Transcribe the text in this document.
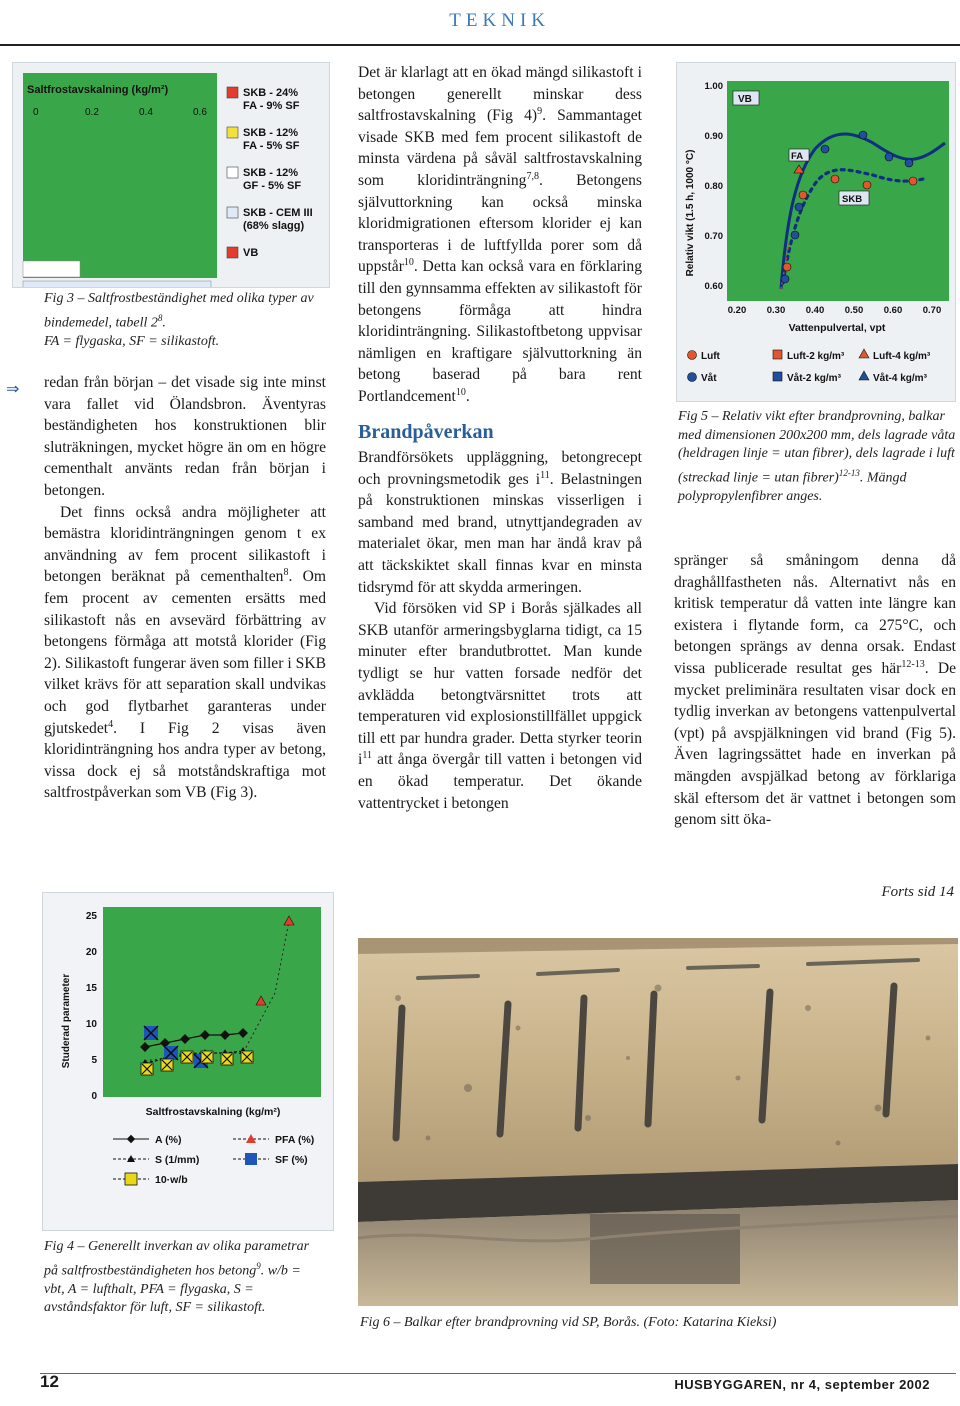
TEKNIK
Saltfrostavskalning (kg/m²)
0	0.2	0.4	0.6
SKB - 24%
FA - 9% SF
SKB - 12%
FA - 5% SF
SKB - 12%
GF - 5% SF
SKB - CEM III
(68% slagg)
VB
Fig 3 – Saltfrostbeständighet med olika typer av bindemedel, tabell $2^8$.
FA = flygaska, SF = silikastoft.
⇒ redan från början – det visade sig inte minst vara fallet vid Ölandsbron. Äventyras beständigheten hos konstruktionen blir sluträkningen, mycket högre än om en högre cementhalt använts redan från början i betongen.

Det finns också andra möjligheter att bemästra kloridinträngningen genom t ex användning av fem procent silikastoft i betongen beräknat på cementhalten$^8$. Om fem procent av cementen ersätts med silikastoft nås en avsevärd förbättring av betongens förmåga att motstå klorider (Fig 2). Silikastoft fungerar även som filler i SKB vilket krävs för att separation skall undvikas och god flytbarhet garanteras under gjutskedet$^4$. I Fig 2 visas även kloridinträngning hos andra typer av betong, vissa dock ej så motståndskraftiga mot saltfrostpåverkan som VB (Fig 3).

Studerad parameter
25
20
15
10
5
0
Saltfrostavskalning (kg/m²)
A (%)	PFA (%)
S (1/mm)	SF (%)
10·w/b
Fig 4 – Generellt inverkan av olika parametrar på saltfrostbeständigheten hos betong$^9$. w/b = vbt, A = lufthalt, PFA = flygaska, S = avståndsfaktor för luft, SF = silikastoft.

Det är klarlagt att en ökad mängd silikastoft i betongen generellt minskar dess saltfrostavskalning (Fig 4)$^9$. Sammantaget visade SKB med fem procent silikastoft de minsta värdena på såväl saltfrostavskalning som kloridinträngning$^{7,8}$. Betongens självuttorkning kan också minska kloridmigrationen eftersom klorider ej kan transporteras i de luftfyllda porer som då uppstår$^{10}$. Detta kan också vara en förklaring till den gynnsamma effekten av silikastoft för betongens förmåga att hindra kloridinträngning. Silikastoftbetong uppvisar nämligen en kraftigare självuttorkning än betong baserad på bara rent Portlandcement$^{10}$.

Brandpåverkan

Brandförsökets uppläggning, betongrecept och provningsmetodik ges $i^{11}$. Belastningen på konstruktionen minskas visserligen i samband med brand, utnyttjandegraden av materialet ökar, men man har ändå krav på att täckskiktet skall finnas kvar en minsta tidsrymd för att skydda armeringen.

Vid försöken vid SP i Borås själkades all SKB utanför armeringsbyglarna tidigt, ca 15 minuter efter brandutbrottet. Man kunde tydligt se hur vatten forsade nedför det avklädda betongtvärsnittet trots att temperaturen vid explosionstillfället uppgick till ett par hundra grader. Detta styrker teorin $i^{11}$ att ånga övergår till vatten i betongen vid en ökad temperatur. Det ökande vattentrycket i betongen

Relativ vikt (1.5 h, 1000 °C)
1.00
0.90
0.80
0.70
0.60
0.20 0.30 0.40 0.50 0.60 0.70
Vattenpulvertal, vpt
VB
FA
SKB
Luft	Luft-2 kg/m³	Luft-4 kg/m³
Våt	Våt-2 kg/m³	Våt-4 kg/m³
Fig 5 – Relativ vikt efter brandprovning, balkar med dimensionen 200x200 mm, dels lagrade våta (heldragen linje = utan fibrer), dels lagrade i luft (streckad linje = utan fibrer)$^{12-13}$. Mängd polypropylenfibrer anges.

spränger så småningom denna då draghållfastheten nås. Alternativt nås en kritisk temperatur då vatten inte längre kan existera i flytande form, ca 275°C, och betongen sprängs av denna orsak. Endast vissa publicerade resultat ges här$^{12-13}$. De mycket preliminära resultaten visar dock en tydlig inverkan av betongens vattenpulvertal (vpt) på avspjälkningen vid brand (Fig 5). Även lagringssättet hade en inverkan på mängden avspjälkad betong av förklariga skäl eftersom det är vattnet i betongen som genom sitt öka-

Forts sid 14
Fig 6 – Balkar efter brandprovning vid SP, Borås. (Foto: Katarina Kieksi)
12	HUSBYGGAREN, nr 4, september 2002
